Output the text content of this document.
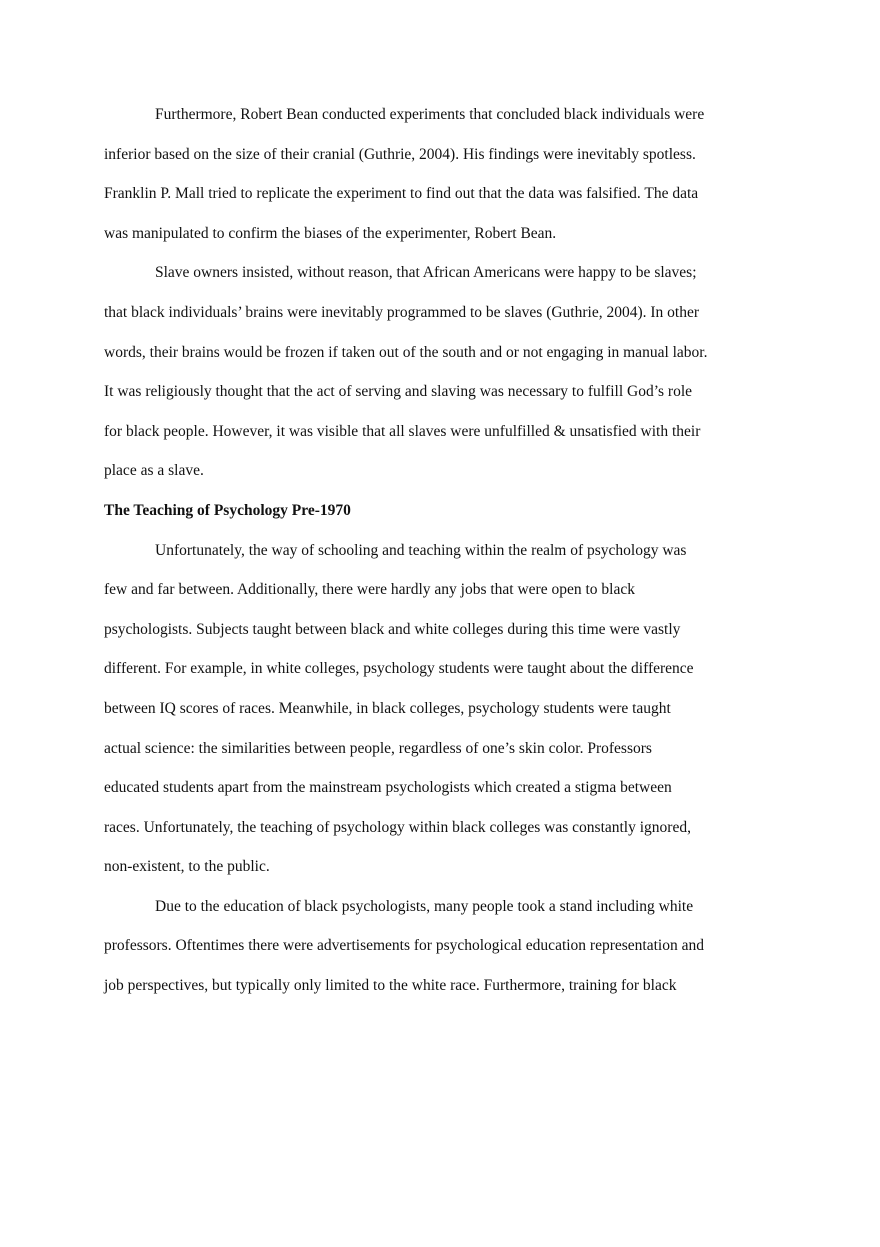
Furthermore, Robert Bean conducted experiments that concluded black individuals were
inferior based on the size of their cranial (Guthrie, 2004). His findings were inevitably spotless.
Franklin P. Mall tried to replicate the experiment to find out that the data was falsified. The data
was manipulated to confirm the biases of the experimenter, Robert Bean.
Slave owners insisted, without reason, that African Americans were happy to be slaves;
that black individuals’ brains were inevitably programmed to be slaves (Guthrie, 2004). In other
words, their brains would be frozen if taken out of the south and or not engaging in manual labor.
It was religiously thought that the act of serving and slaving was necessary to fulfill God’s role
for black people. However, it was visible that all slaves were unfulfilled & unsatisfied with their
place as a slave.
The Teaching of Psychology Pre-1970
Unfortunately, the way of schooling and teaching within the realm of psychology was
few and far between. Additionally, there were hardly any jobs that were open to black
psychologists. Subjects taught between black and white colleges during this time were vastly
different. For example, in white colleges, psychology students were taught about the difference
between IQ scores of races. Meanwhile, in black colleges, psychology students were taught
actual science: the similarities between people, regardless of one’s skin color. Professors
educated students apart from the mainstream psychologists which created a stigma between
races. Unfortunately, the teaching of psychology within black colleges was constantly ignored,
non-existent, to the public.
Due to the education of black psychologists, many people took a stand including white
professors. Oftentimes there were advertisements for psychological education representation and
job perspectives, but typically only limited to the white race. Furthermore, training for black
